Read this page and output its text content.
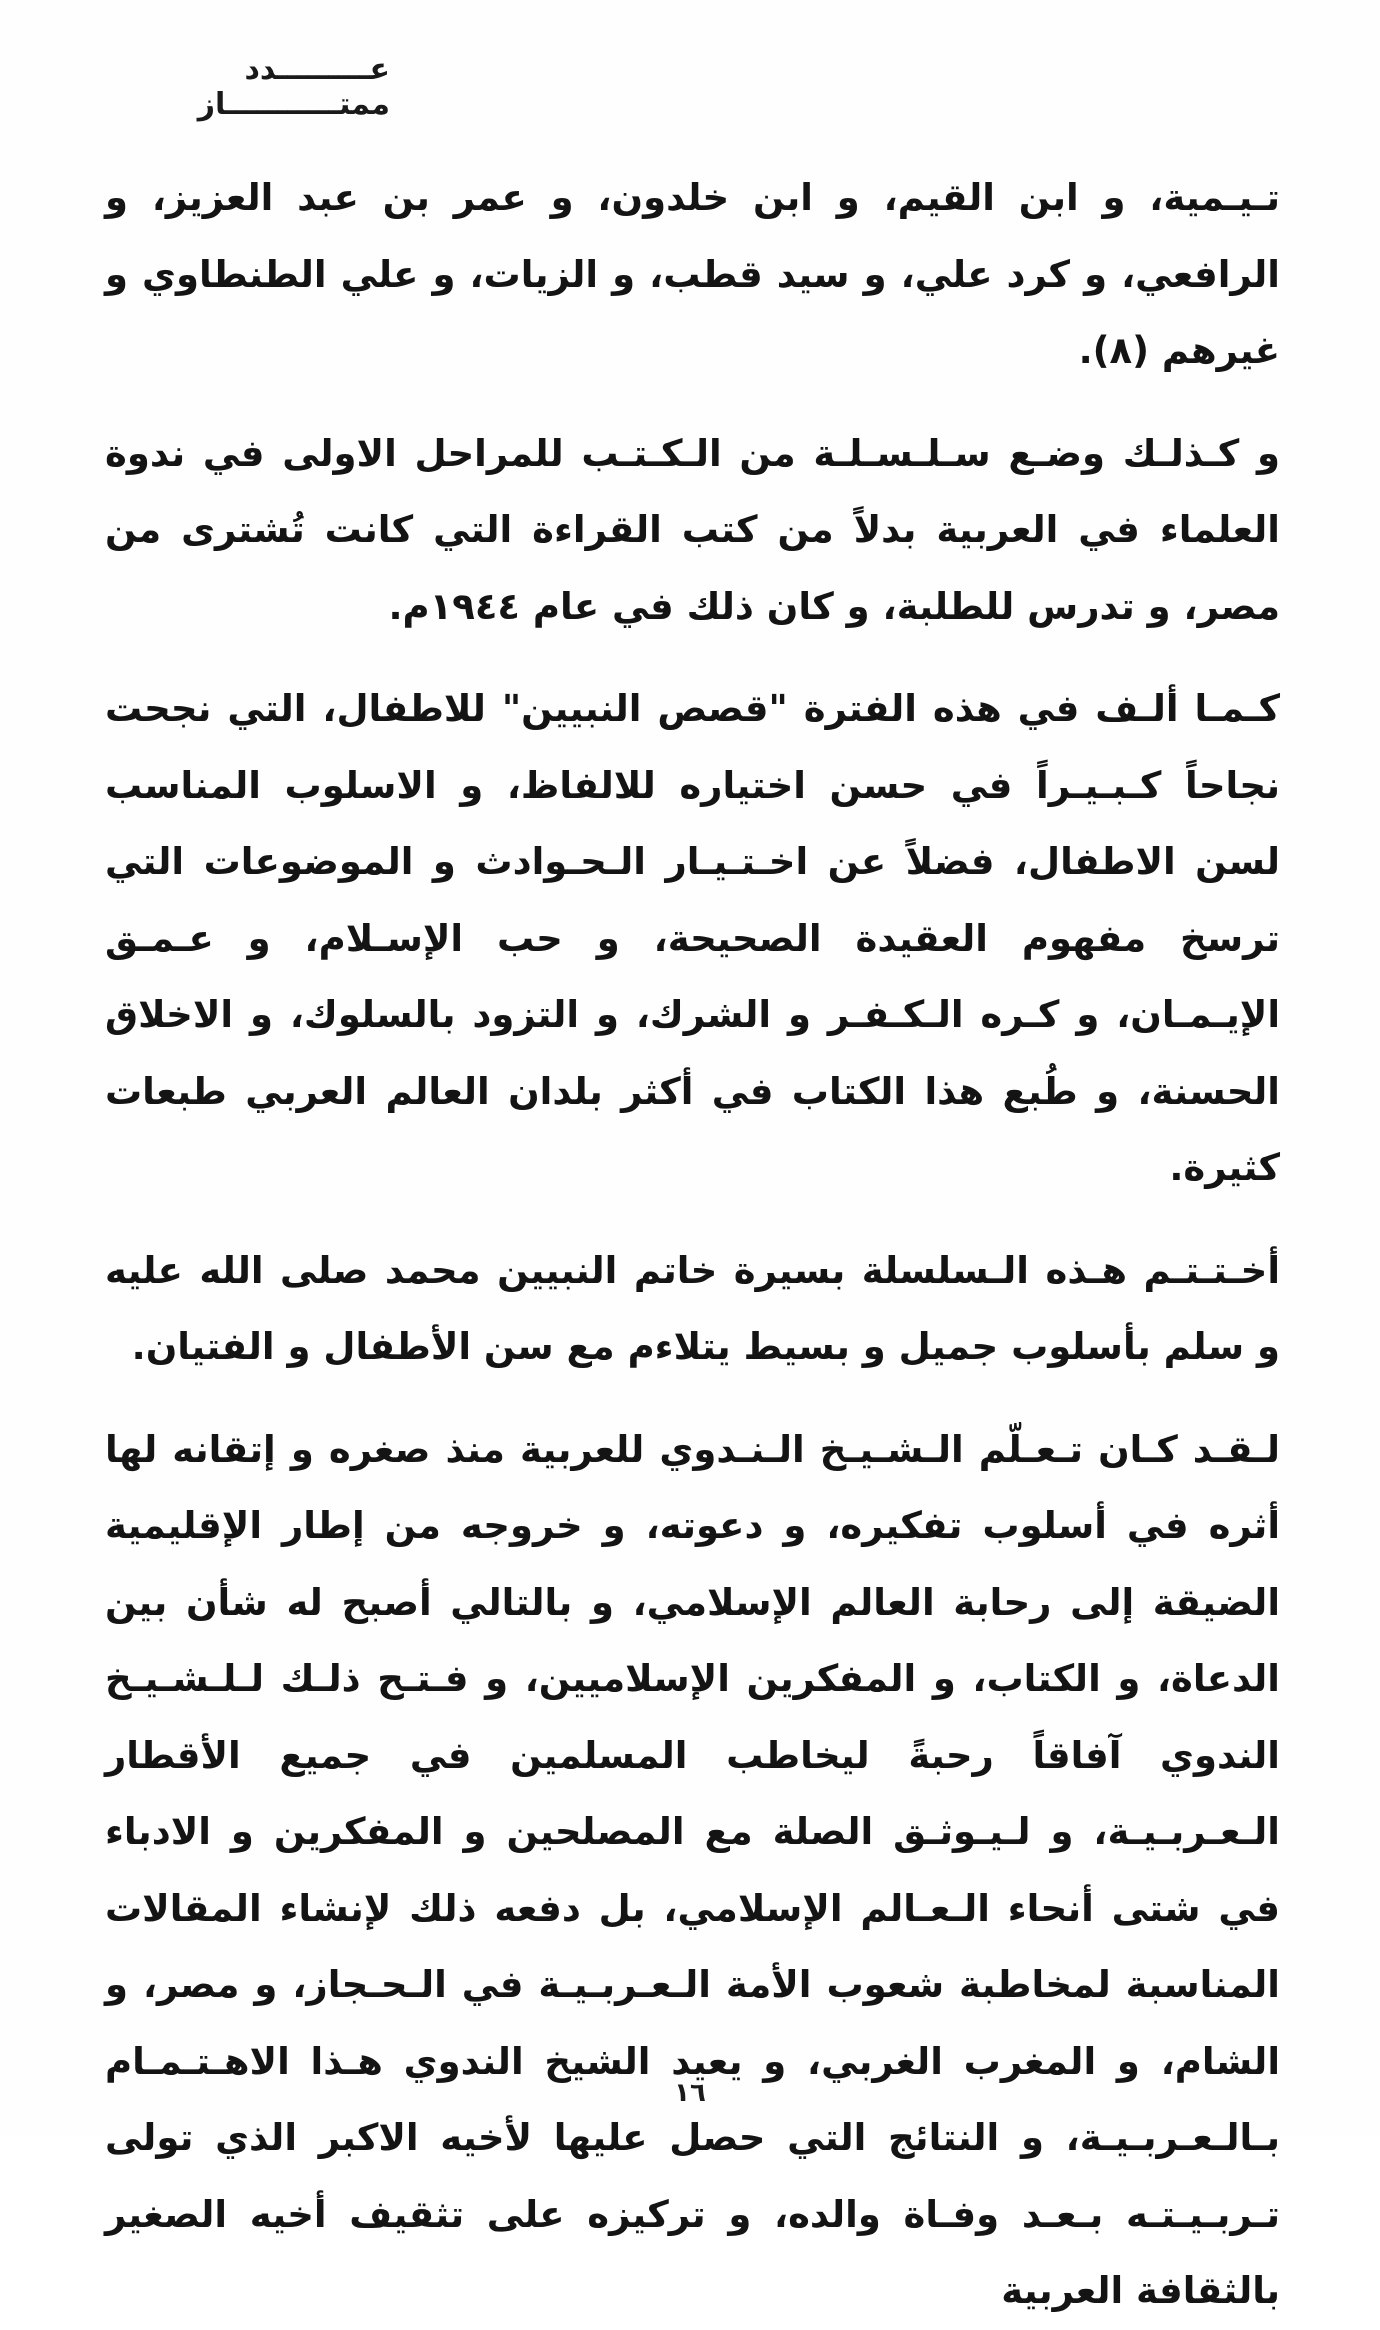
عـــــــــدد ممتـــــــــــاز

تـيـمية، و ابن القيم، و ابن خلدون، و عمر بن عبد العزيز، و الرافعي، و كرد علي، و سيد قطب، و الزيات، و علي الطنطاوي و غيرهم (٨).

و كـذلـك وضـع سـلـسـلـة من الـكـتـب للمراحل الاولى في ندوة العلماء في العربية بدلاً من كتب القراءة التي كانت تُشترى من مصر، و تدرس للطلبة، و كان ذلك في عام ١٩٤٤م.

كـمـا ألـف في هذه الفترة "قصص النبيين" للاطفال، التي نجحت نجاحاً كـبـيـراً في حسن اختياره للالفاظ، و الاسلوب المناسب لسن الاطفال، فضلاً عن اخـتـيـار الـحـوادث و الموضوعات التي ترسخ مفهوم العقيدة الصحيحة، و حب الإسـلام، و عـمـق الإيـمـان، و كـره الـكـفـر و الشرك، و التزود بالسلوك، و الاخلاق الحسنة، و طُبع هذا الكتاب في أكثر بلدان العالم العربي طبعات كثيرة.

أخـتـتـم هـذه الـسلسلة بسيرة خاتم النبيين محمد صلى الله عليه و سلم بأسلوب جميل و بسيط يتلاءم مع سن الأطفال و الفتيان.

لـقـد كـان تـعـلّم الـشـيـخ الـنـدوي للعربية منذ صغره و إتقانه لها أثره في أسلوب تفكيره، و دعوته، و خروجه من إطار الإقليمية الضيقة إلى رحابة العالم الإسلامي، و بالتالي أصبح له شأن بين الدعاة، و الكتاب، و المفكرين الإسلاميين، و فـتـح ذلـك لـلـشـيـخ الندوي آفاقاً رحبةً ليخاطب المسلمين في جميع الأقطار الـعـربـيـة، و لـيـوثـق الصلة مع المصلحين و المفكرين و الادباء في شتى أنحاء الـعـالم الإسلامي، بل دفعه ذلك لإنشاء المقالات المناسبة لمخاطبة شعوب الأمة الـعـربـيـة في الـحـجاز، و مصر، و الشام، و المغرب الغربي، و يعيد الشيخ الندوي هـذا الاهـتـمـام بـالـعـربـيـة، و النتائج التي حصل عليها لأخيه الاكبر الذي تولى تـربـيـتـه بـعـد وفـاة والده، و تركيزه على تثقيف أخيه الصغير بالثقافة العربية

١٦
